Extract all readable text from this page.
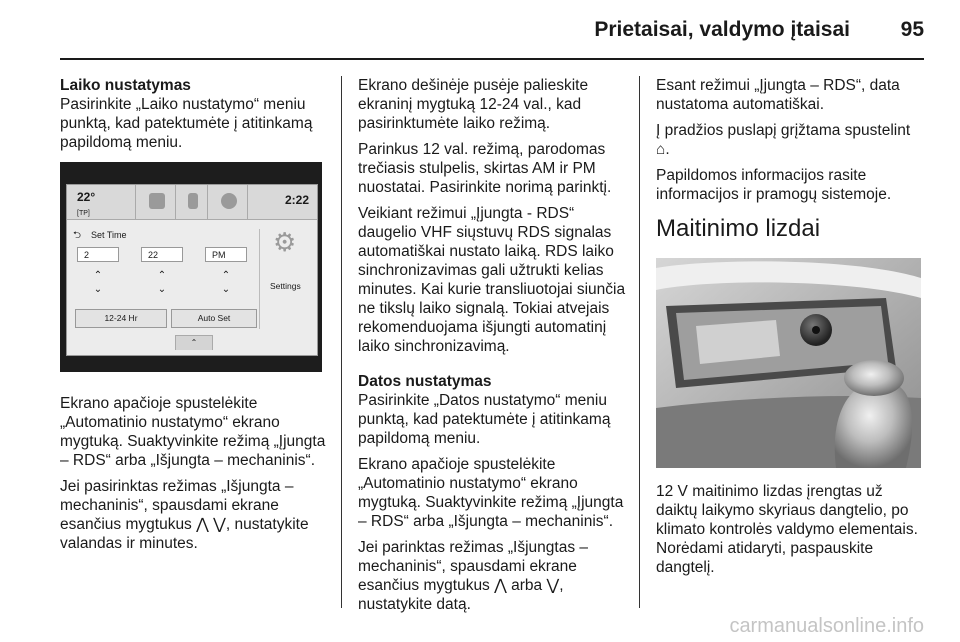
Prietaisai, valdymo įtaisai	95
Laiko nustatymas

Pasirinkite „Laiko nustatymo“ meniu punktą, kad patektumėte į atitinkamą papildomą meniu.

22°
[TP]
2:22
⮌ Set Time
2	22	PM
⌃
⌄
⌃
⌄
⌃
⌄
12-24 Hr	Auto Set
⚙
Settings
⌃

Ekrano apačioje spustelėkite „Automatinio nustatymo“ ekrano mygtuką. Suaktyvinkite režimą „Įjungta – RDS“ arba „Išjungta – mechaninis“.

Jei pasirinktas režimas „Išjungta – mechaninis“, spausdami ekrane esančius mygtukus ⋀ ⋁, nustatykite valandas ir minutes.

Ekrano dešinėje pusėje palieskite ekraninį mygtuką 12-24 val., kad pasirinktumėte laiko režimą.

Parinkus 12 val. režimą, parodomas trečiasis stulpelis, skirtas AM ir PM nuostatai. Pasirinkite norimą parinktį.

Veikiant režimui „Įjungta - RDS“ daugelio VHF siųstuvų RDS signalas automatiškai nustato laiką. RDS laiko sinchronizavimas gali užtrukti kelias minutes. Kai kurie transliuotojai siunčia ne tikslų laiko signalą. Tokiai atvejais rekomenduojama išjungti automatinį laiko sinchronizavimą.

Datos nustatymas

Pasirinkite „Datos nustatymo“ meniu punktą, kad patektumėte į atitinkamą papildomą meniu.

Ekrano apačioje spustelėkite „Automatinio nustatymo“ ekrano mygtuką. Suaktyvinkite režimą „Įjungta – RDS“ arba „Išjungta – mechaninis“.

Jei parinktas režimas „Išjungtas – mechaninis“, spausdami ekrane esančius mygtukus ⋀ arba ⋁, nustatykite datą.

Esant režimui „Įjungta – RDS“, data nustatoma automatiškai.

Į pradžios puslapį grįžtama spustelint ⌂.

Papildomos informacijos rasite informacijos ir pramogų sistemoje.

Maitinimo lizdai

12 V maitinimo lizdas įrengtas už daiktų laikymo skyriaus dangtelio, po klimato kontrolės valdymo elementais. Norėdami atidaryti, paspauskite dangtelį.

carmanualsonline.info
